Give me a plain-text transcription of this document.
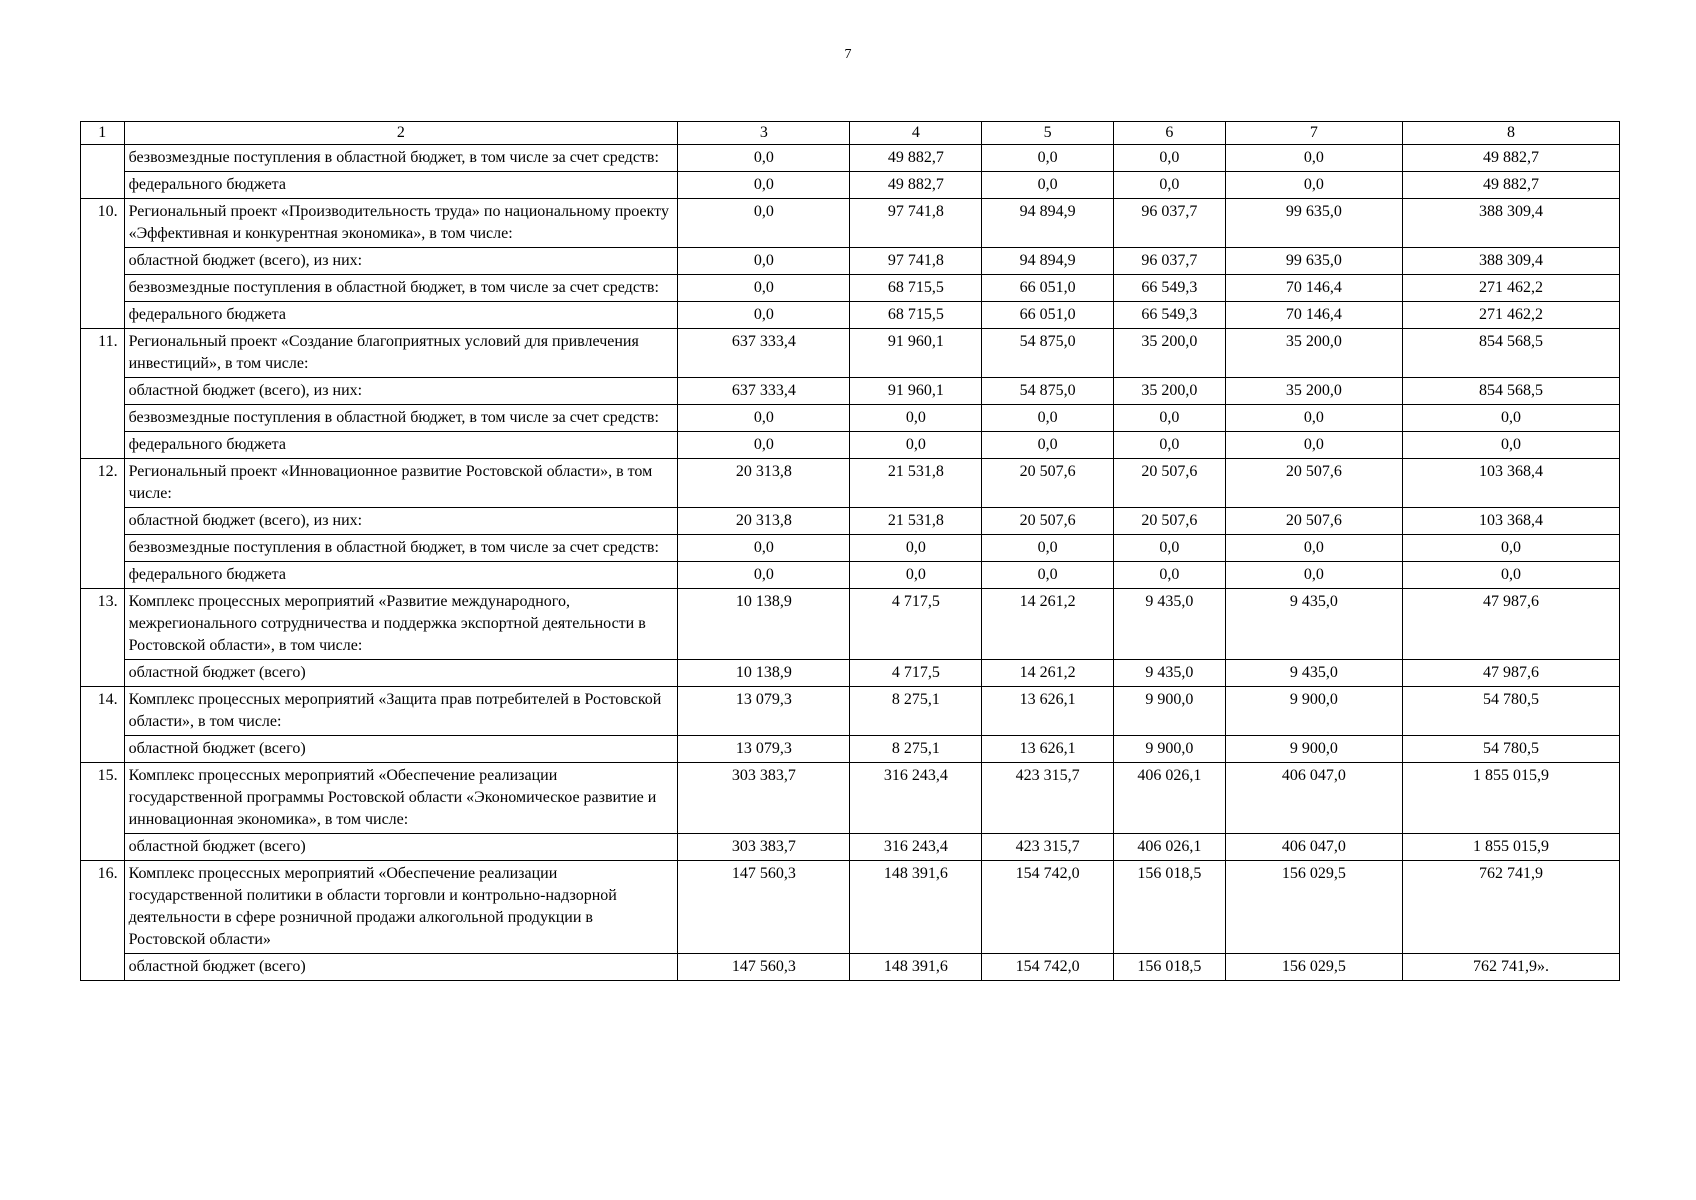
7
1	2	3	4	5	6	7	8
	безвозмездные поступления в областной бюджет, в том числе за счет средств:	0,0	49 882,7	0,0	0,0	0,0	49 882,7
	федерального бюджета	0,0	49 882,7	0,0	0,0	0,0	49 882,7
10.	Региональный проект «Производительность труда» по национальному проекту «Эффективная и конкурентная экономика», в том числе:	0,0	97 741,8	94 894,9	96 037,7	99 635,0	388 309,4
	областной бюджет (всего), из них:	0,0	97 741,8	94 894,9	96 037,7	99 635,0	388 309,4
	безвозмездные поступления в областной бюджет, в том числе за счет средств:	0,0	68 715,5	66 051,0	66 549,3	70 146,4	271 462,2
	федерального бюджета	0,0	68 715,5	66 051,0	66 549,3	70 146,4	271 462,2
11.	Региональный проект «Создание благоприятных условий для привлечения инвестиций», в том числе:	637 333,4	91 960,1	54 875,0	35 200,0	35 200,0	854 568,5
	областной бюджет (всего), из них:	637 333,4	91 960,1	54 875,0	35 200,0	35 200,0	854 568,5
	безвозмездные поступления в областной бюджет, в том числе за счет средств:	0,0	0,0	0,0	0,0	0,0	0,0
	федерального бюджета	0,0	0,0	0,0	0,0	0,0	0,0
12.	Региональный проект «Инновационное развитие Ростовской области», в том числе:	20 313,8	21 531,8	20 507,6	20 507,6	20 507,6	103 368,4
	областной бюджет (всего), из них:	20 313,8	21 531,8	20 507,6	20 507,6	20 507,6	103 368,4
	безвозмездные поступления в областной бюджет, в том числе за счет средств:	0,0	0,0	0,0	0,0	0,0	0,0
	федерального бюджета	0,0	0,0	0,0	0,0	0,0	0,0
13.	Комплекс процессных мероприятий «Развитие международного, межрегионального сотрудничества и поддержка экспортной деятельности в Ростовской области», в том числе:	10 138,9	4 717,5	14 261,2	9 435,0	9 435,0	47 987,6
	областной бюджет (всего)	10 138,9	4 717,5	14 261,2	9 435,0	9 435,0	47 987,6
14.	Комплекс процессных мероприятий «Защита прав потребителей в Ростовской области», в том числе:	13 079,3	8 275,1	13 626,1	9 900,0	9 900,0	54 780,5
	областной бюджет (всего)	13 079,3	8 275,1	13 626,1	9 900,0	9 900,0	54 780,5
15.	Комплекс процессных мероприятий «Обеспечение реализации государственной программы Ростовской области «Экономическое развитие и инновационная экономика», в том числе:	303 383,7	316 243,4	423 315,7	406 026,1	406 047,0	1 855 015,9
	областной бюджет (всего)	303 383,7	316 243,4	423 315,7	406 026,1	406 047,0	1 855 015,9
16.	Комплекс процессных мероприятий «Обеспечение реализации государственной политики в области торговли и контрольно-надзорной деятельности в сфере розничной продажи алкогольной продукции в Ростовской области»	147 560,3	148 391,6	154 742,0	156 018,5	156 029,5	762 741,9
	областной бюджет (всего)	147 560,3	148 391,6	154 742,0	156 018,5	156 029,5	762 741,9».
